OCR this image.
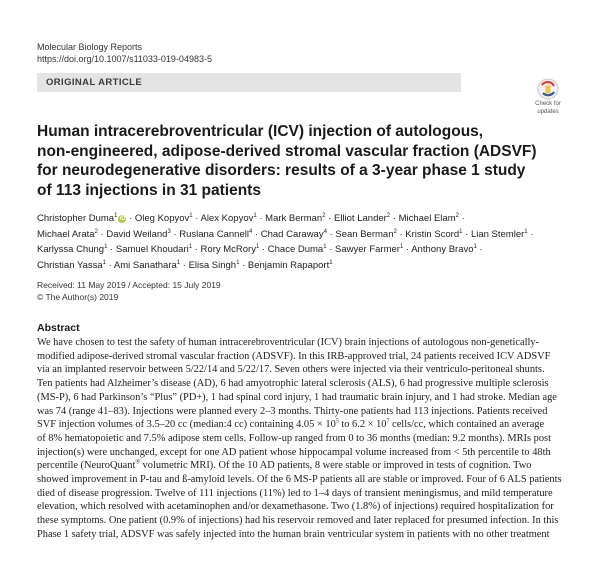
Molecular Biology Reports
https://doi.org/10.1007/s11033-019-04983-5
ORIGINAL ARTICLE
Check for
updates
Human intracerebroventricular (ICV) injection of autologous,
non-engineered, adipose-derived stromal vascular fraction (ADSVF)
for neurodegenerative disorders: results of a 3-year phase 1 study
of 113 injections in 31 patients
Christopher Duma$^1$iD · Oleg Kopyov$^1$ · Alex Kopyov$^1$ · Mark Berman$^2$ · Elliot Lander$^2$ · Michael Elam$^2$ ·
Michael Arata$^2$ · David Weiland$^3$ · Ruslana Cannell$^4$ · Chad Caraway$^4$ · Sean Berman$^2$ · Kristin Scord$^1$ · Lian Stemler$^1$ ·
Karlyssa Chung$^1$ · Samuel Khoudari$^1$ · Rory McRory$^1$ · Chace Duma$^1$ · Sawyer Farmer$^1$ · Anthony Bravo$^1$ ·
Christian Yassa$^1$ · Ami Sanathara$^1$ · Elisa Singh$^1$ · Benjamin Rapaport$^1$
Received: 11 May 2019 / Accepted: 15 July 2019
© The Author(s) 2019
Abstract
We have chosen to test the safety of human intracerebroventricular (ICV) brain injections of autologous non-genetically-
modified adipose-derived stromal vascular fraction (ADSVF). In this IRB-approved trial, 24 patients received ICV ADSVF
via an implanted reservoir between 5/22/14 and 5/22/17. Seven others were injected via their ventriculo-peritoneal shunts.
Ten patients had Alzheimer’s disease (AD), 6 had amyotrophic lateral sclerosis (ALS), 6 had progressive multiple sclerosis
(MS-P), 6 had Parkinson’s “Plus” (PD+), 1 had spinal cord injury, 1 had traumatic brain injury, and 1 had stroke. Median age
was 74 (range 41–83). Injections were planned every 2–3 months. Thirty-one patients had 113 injections. Patients received
SVF injection volumes of 3.5–20 cc (median:4 cc) containing $4.05 \times 10^5$ to $6.2 \times 10^7$ cells/cc, which contained an average
of 8% hematopoietic and 7.5% adipose stem cells. Follow-up ranged from 0 to 36 months (median: 9.2 months). MRIs post
injection(s) were unchanged, except for one AD patient whose hippocampal volume increased from < 5th percentile to 48th
percentile (NeuroQuant® volumetric MRI). Of the 10 AD patients, 8 were stable or improved in tests of cognition. Two
showed improvement in P-tau and ß-amyloid levels. Of the 6 MS-P patients all are stable or improved. Four of 6 ALS patients
died of disease progression. Twelve of 111 injections (11%) led to 1–4 days of transient meningismus, and mild temperature
elevation, which resolved with acetaminophen and/or dexamethasone. Two (1.8%) of injections) required hospitalization for
these symptoms. One patient (0.9% of injections) had his reservoir removed and later replaced for presumed infection. In this
Phase 1 safety trial, ADSVF was safely injected into the human brain ventricular system in patients with no other treatment
